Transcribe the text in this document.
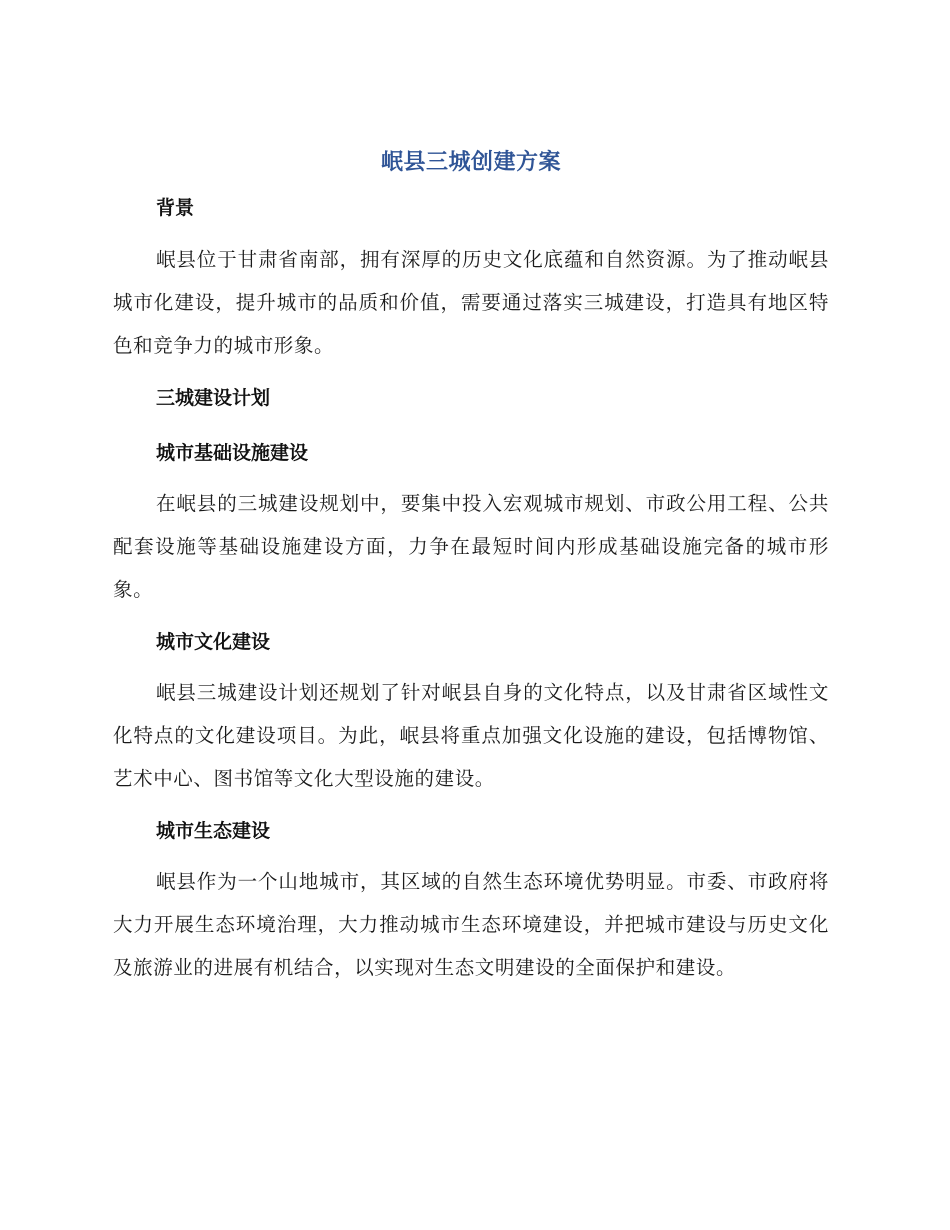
岷县三城创建方案
背景

岷县位于甘肃省南部，拥有深厚的历史文化底蕴和自然资源。为了推动岷县城市化建设，提升城市的品质和价值，需要通过落实三城建设，打造具有地区特色和竞争力的城市形象。

三城建设计划
城市基础设施建设

在岷县的三城建设规划中，要集中投入宏观城市规划、市政公用工程、公共配套设施等基础设施建设方面，力争在最短时间内形成基础设施完备的城市形象。

城市文化建设

岷县三城建设计划还规划了针对岷县自身的文化特点，以及甘肃省区域性文化特点的文化建设项目。为此，岷县将重点加强文化设施的建设，包括博物馆、艺术中心、图书馆等文化大型设施的建设。

城市生态建设

岷县作为一个山地城市，其区域的自然生态环境优势明显。市委、市政府将大力开展生态环境治理，大力推动城市生态环境建设，并把城市建设与历史文化及旅游业的进展有机结合，以实现对生态文明建设的全面保护和建设。
